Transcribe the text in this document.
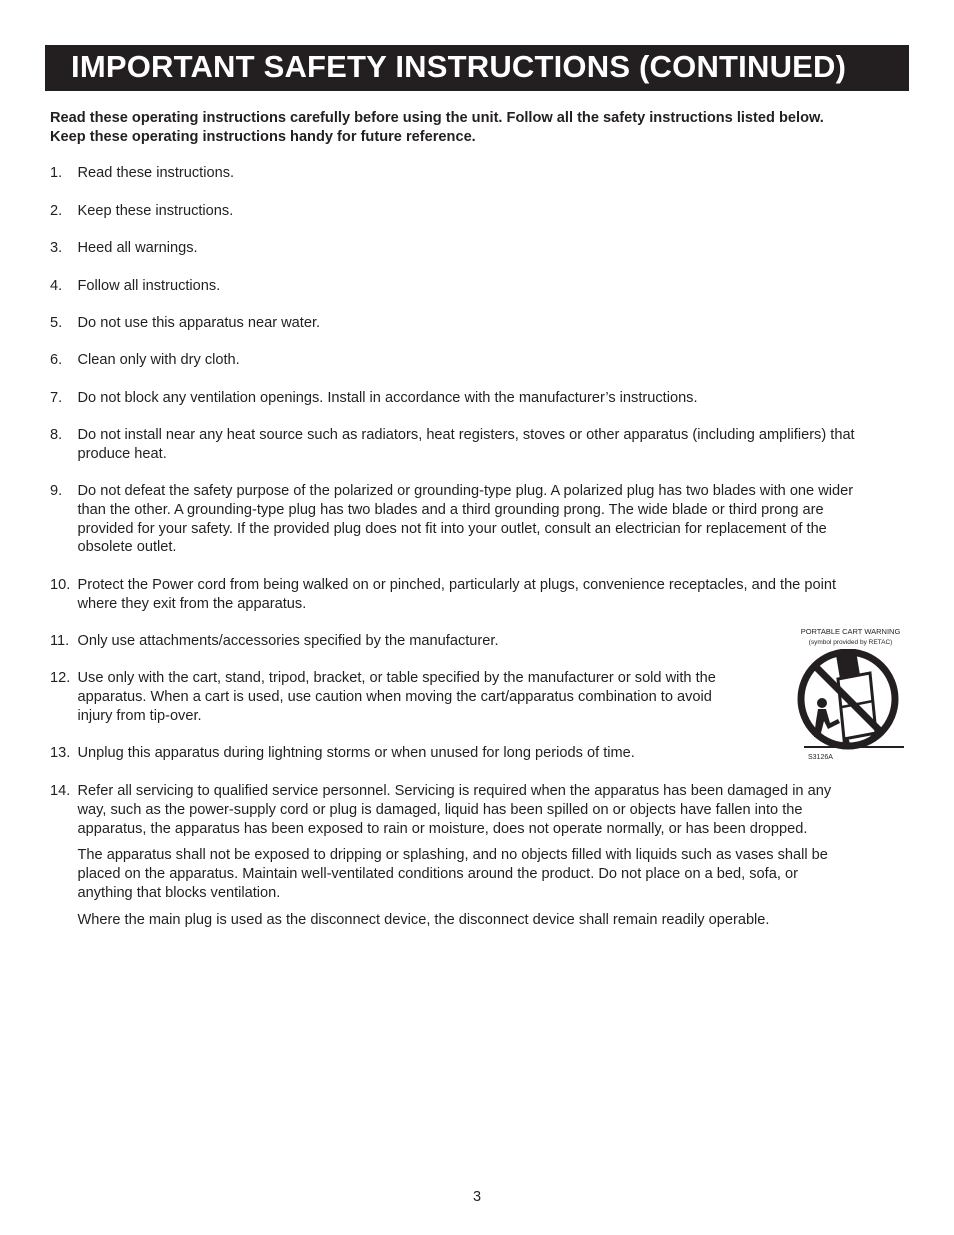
IMPORTANT SAFETY INSTRUCTIONS (CONTINUED)
Read these operating instructions carefully before using the unit. Follow all the safety instructions listed below.
Keep these operating instructions handy for future reference.
1.	Read these instructions.
2.	Keep these instructions.
3.	Heed all warnings.
4.	Follow all instructions.
5.	Do not use this apparatus near water.
6.	Clean only with dry cloth.
7.	Do not block any ventilation openings. Install in accordance with the manufacturer’s instructions.
8.	Do not install near any heat source such as radiators, heat registers, stoves or other apparatus (including amplifiers) that
produce heat.
9.	Do not defeat the safety purpose of the polarized or grounding-type plug. A polarized plug has two blades with one wider
than the other. A grounding-type plug has two blades and a third grounding prong. The wide blade or third prong are
provided for your safety. If the provided plug does not fit into your outlet, consult an electrician for replacement of the
obsolete outlet.
10. Protect the Power cord from being walked on or pinched, particularly at plugs, convenience receptacles, and the point
where they exit from the apparatus.
11. Only use attachments/accessories specified by the manufacturer.
12. Use only with the cart, stand, tripod, bracket, or table specified by the manufacturer or sold with the
apparatus. When a cart is used, use caution when moving the cart/apparatus combination to avoid
injury from tip-over.
13. Unplug this apparatus during lightning storms or when unused for long periods of time.
14. Refer all servicing to qualified service personnel. Servicing is required when the apparatus has been damaged in any
way, such as the power-supply cord or plug is damaged, liquid has been spilled on or objects have fallen into the
apparatus, the apparatus has been exposed to rain or moisture, does not operate normally, or has been dropped.
The apparatus shall not be exposed to dripping or splashing, and no objects filled with liquids such as vases shall be
placed on the apparatus. Maintain well-ventilated conditions around the product. Do not place on a bed, sofa, or
anything that blocks ventilation.
Where the main plug is used as the disconnect device, the disconnect device shall remain readily operable.
PORTABLE CART WARNING
(symbol provided by RETAC)
S3126A
3
